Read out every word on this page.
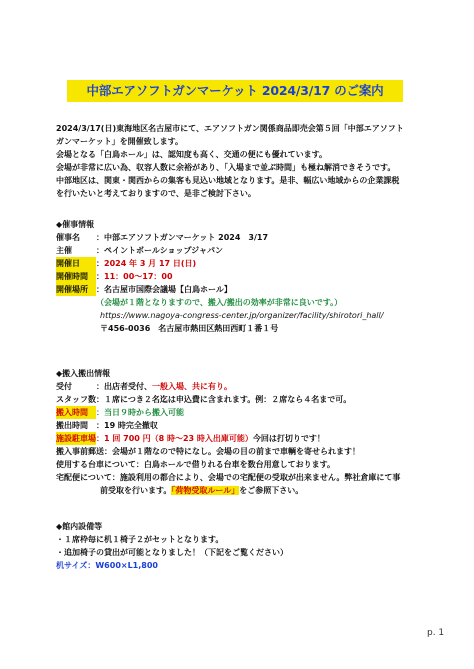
中部エアソフトガンマーケット 2024/3/17 のご案内
2024/3/17(日)東海地区名古屋市にて、エアソフトガン関係商品即売会第５回「中部エアソフト
ガンマーケット」を開催致します。
会場となる「白鳥ホール」は、認知度も高く、交通の便にも優れています。
会場が非常に広い為、収容人数に余裕があり、「入場まで並ぶ時間」も極ね解消できそうです。
中部地区は、関東・関西からの集客も見込い地域となります。是非、幅広い地域からの企業課税
を行いたいと考えておりますので、是非ご検討下さい。
◆催事情報
催事名 ：中部エアソフトガンマーケット 2024　3/17
主催	：ペイントボールショップジャパン
開催日 ：2024 年 3 月 17 日(日)
開催時間 ：11：00～17：00
開催場所 ：名古屋市国際会議場【白鳥ホール】
（会場が１階となりますので、搬入/搬出の効率が非常に良いです。）
https://www.nagoya-congress-center.jp/organizer/facility/shirotori_hall/
〒456-0036　名古屋市熱田区熱田西町１番１号
◆搬入搬出情報
受付	：出店者受付、一般入場、共に有り。
スタッフ数：１席につき２名迄は申込費に含まれます。例：２席なら４名まで可。
搬入時間 ：当日９時から搬入可能
搬出時間 ：19 時完全撤収
施設駐車場：1 回 700 円（8 時～23 時入出庫可能）今回は打切りです！
搬入事前郵送：会場が１階なので特になし。会場の目の前まで車輌を寄せられます！
使用する台車について：白鳥ホールで借りれる台車を数台用意しております。
宅配便について：施設利用の都合により、会場での宅配便の受取が出来ません。弊社倉庫にて事
前受取を行います。「荷物受取ルール」をご参照下さい。
◆館内設備等
・１席枠毎に机１椅子２がセットとなります。
・追加椅子の貸出が可能となりました！（下記をご覧ください）
机サイズ：W600×L1,800
p. 1
